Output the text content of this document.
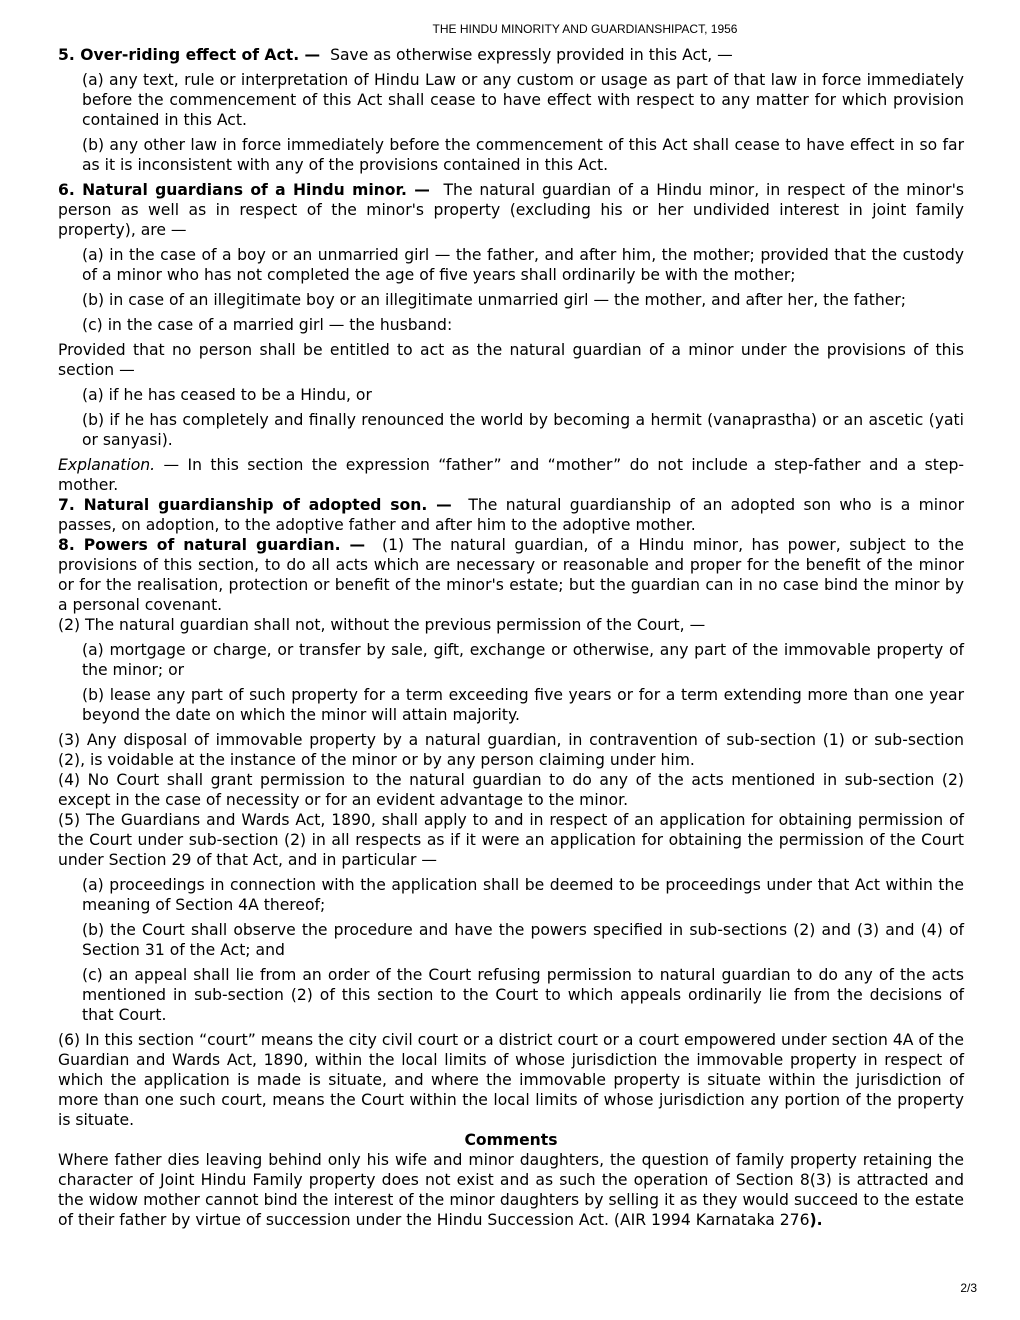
THE HINDU MINORITY AND GUARDIANSHIPACT, 1956

5. Over-riding effect of Act. — Save as otherwise expressly provided in this Act, —

(a) any text, rule or interpretation of Hindu Law or any custom or usage as part of that law in force immediately before the commencement of this Act shall cease to have effect with respect to any matter for which provision contained in this Act.

(b) any other law in force immediately before the commencement of this Act shall cease to have effect in so far as it is inconsistent with any of the provisions contained in this Act.

6. Natural guardians of a Hindu minor. — The natural guardian of a Hindu minor, in respect of the minor's person as well as in respect of the minor's property (excluding his or her undivided interest in joint family property), are —

(a) in the case of a boy or an unmarried girl — the father, and after him, the mother; provided that the custody of a minor who has not completed the age of five years shall ordinarily be with the mother;

(b) in case of an illegitimate boy or an illegitimate unmarried girl — the mother, and after her, the father;

(c) in the case of a married girl — the husband:

Provided that no person shall be entitled to act as the natural guardian of a minor under the provisions of this section —

(a) if he has ceased to be a Hindu, or

(b) if he has completely and finally renounced the world by becoming a hermit (vanaprastha) or an ascetic (yati or sanyasi).

Explanation. — In this section the expression “father” and “mother” do not include a step-father and a step-mother.

7. Natural guardianship of adopted son. — The natural guardianship of an adopted son who is a minor passes, on adoption, to the adoptive father and after him to the adoptive mother.

8. Powers of natural guardian. — (1) The natural guardian, of a Hindu minor, has power, subject to the provisions of this section, to do all acts which are necessary or reasonable and proper for the benefit of the minor or for the realisation, protection or benefit of the minor's estate; but the guardian can in no case bind the minor by a personal covenant.

(2) The natural guardian shall not, without the previous permission of the Court, —

(a) mortgage or charge, or transfer by sale, gift, exchange or otherwise, any part of the immovable property of the minor; or

(b) lease any part of such property for a term exceeding five years or for a term extending more than one year beyond the date on which the minor will attain majority.

(3) Any disposal of immovable property by a natural guardian, in contravention of sub-section (1) or sub-section (2), is voidable at the instance of the minor or by any person claiming under him.

(4) No Court shall grant permission to the natural guardian to do any of the acts mentioned in sub-section (2) except in the case of necessity or for an evident advantage to the minor.

(5) The Guardians and Wards Act, 1890, shall apply to and in respect of an application for obtaining permission of the Court under sub-section (2) in all respects as if it were an application for obtaining the permission of the Court under Section 29 of that Act, and in particular —

(a) proceedings in connection with the application shall be deemed to be proceedings under that Act within the meaning of Section 4A thereof;

(b) the Court shall observe the procedure and have the powers specified in sub-sections (2) and (3) and (4) of Section 31 of the Act; and

(c) an appeal shall lie from an order of the Court refusing permission to natural guardian to do any of the acts mentioned in sub-section (2) of this section to the Court to which appeals ordinarily lie from the decisions of that Court.

(6) In this section “court” means the city civil court or a district court or a court empowered under section 4A of the Guardian and Wards Act, 1890, within the local limits of whose jurisdiction the immovable property in respect of which the application is made is situate, and where the immovable property is situate within the jurisdiction of more than one such court, means the Court within the local limits of whose jurisdiction any portion of the property is situate.

Comments

Where father dies leaving behind only his wife and minor daughters, the question of family property retaining the character of Joint Hindu Family property does not exist and as such the operation of Section 8(3) is attracted and the widow mother cannot bind the interest of the minor daughters by selling it as they would succeed to the estate of their father by virtue of succession under the Hindu Succession Act. (AIR 1994 Karnataka 276).

2/3
